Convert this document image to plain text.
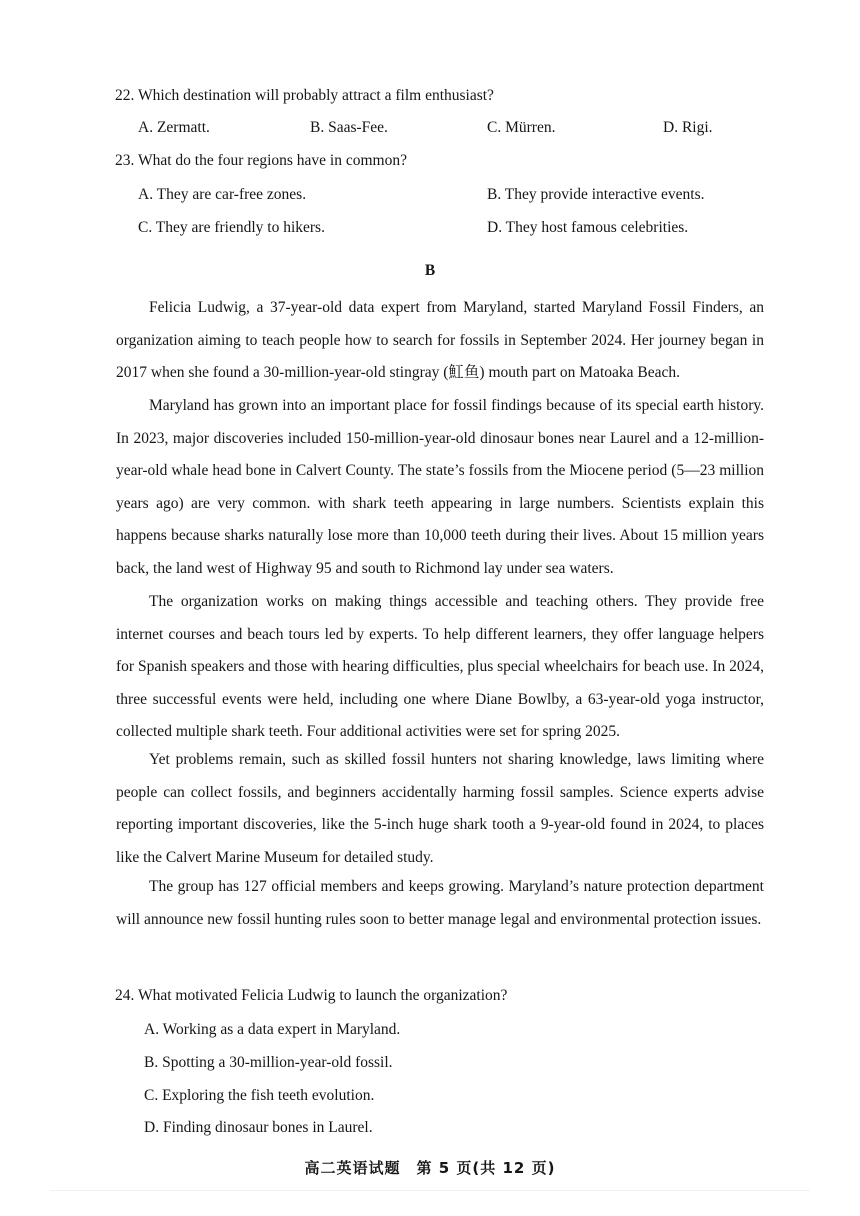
22. Which destination will probably attract a film enthusiast?
A. Zermatt.	B. Saas-Fee.	C. Mürren.	D. Rigi.
23. What do the four regions have in common?
A. They are car-free zones.	B. They provide interactive events.
C. They are friendly to hikers.	D. They host famous celebrities.
B
Felicia Ludwig, a 37-year-old data expert from Maryland, started Maryland Fossil Finders, an organization aiming to teach people how to search for fossils in September 2024. Her journey began in 2017 when she found a 30-million-year-old stingray (魟鱼) mouth part on Matoaka Beach.
Maryland has grown into an important place for fossil findings because of its special earth history. In 2023, major discoveries included 150-million-year-old dinosaur bones near Laurel and a 12-million-year-old whale head bone in Calvert County. The state’s fossils from the Miocene period (5—23 million years ago) are very common. with shark teeth appearing in large numbers. Scientists explain this happens because sharks naturally lose more than 10,000 teeth during their lives. About 15 million years back, the land west of Highway 95 and south to Richmond lay under sea waters.
The organization works on making things accessible and teaching others. They provide free internet courses and beach tours led by experts. To help different learners, they offer language helpers for Spanish speakers and those with hearing difficulties, plus special wheelchairs for beach use. In 2024, three successful events were held, including one where Diane Bowlby, a 63-year-old yoga instructor, collected multiple shark teeth. Four additional activities were set for spring 2025.
Yet problems remain, such as skilled fossil hunters not sharing knowledge, laws limiting where people can collect fossils, and beginners accidentally harming fossil samples. Science experts advise reporting important discoveries, like the 5-inch huge shark tooth a 9-year-old found in 2024, to places like the Calvert Marine Museum for detailed study.
The group has 127 official members and keeps growing. Maryland’s nature protection department will announce new fossil hunting rules soon to better manage legal and environmental protection issues.
24. What motivated Felicia Ludwig to launch the organization?
A. Working as a data expert in Maryland.
B. Spotting a 30-million-year-old fossil.
C. Exploring the fish teeth evolution.
D. Finding dinosaur bones in Laurel.
高二英语试题　第 5 页(共 12 页)
